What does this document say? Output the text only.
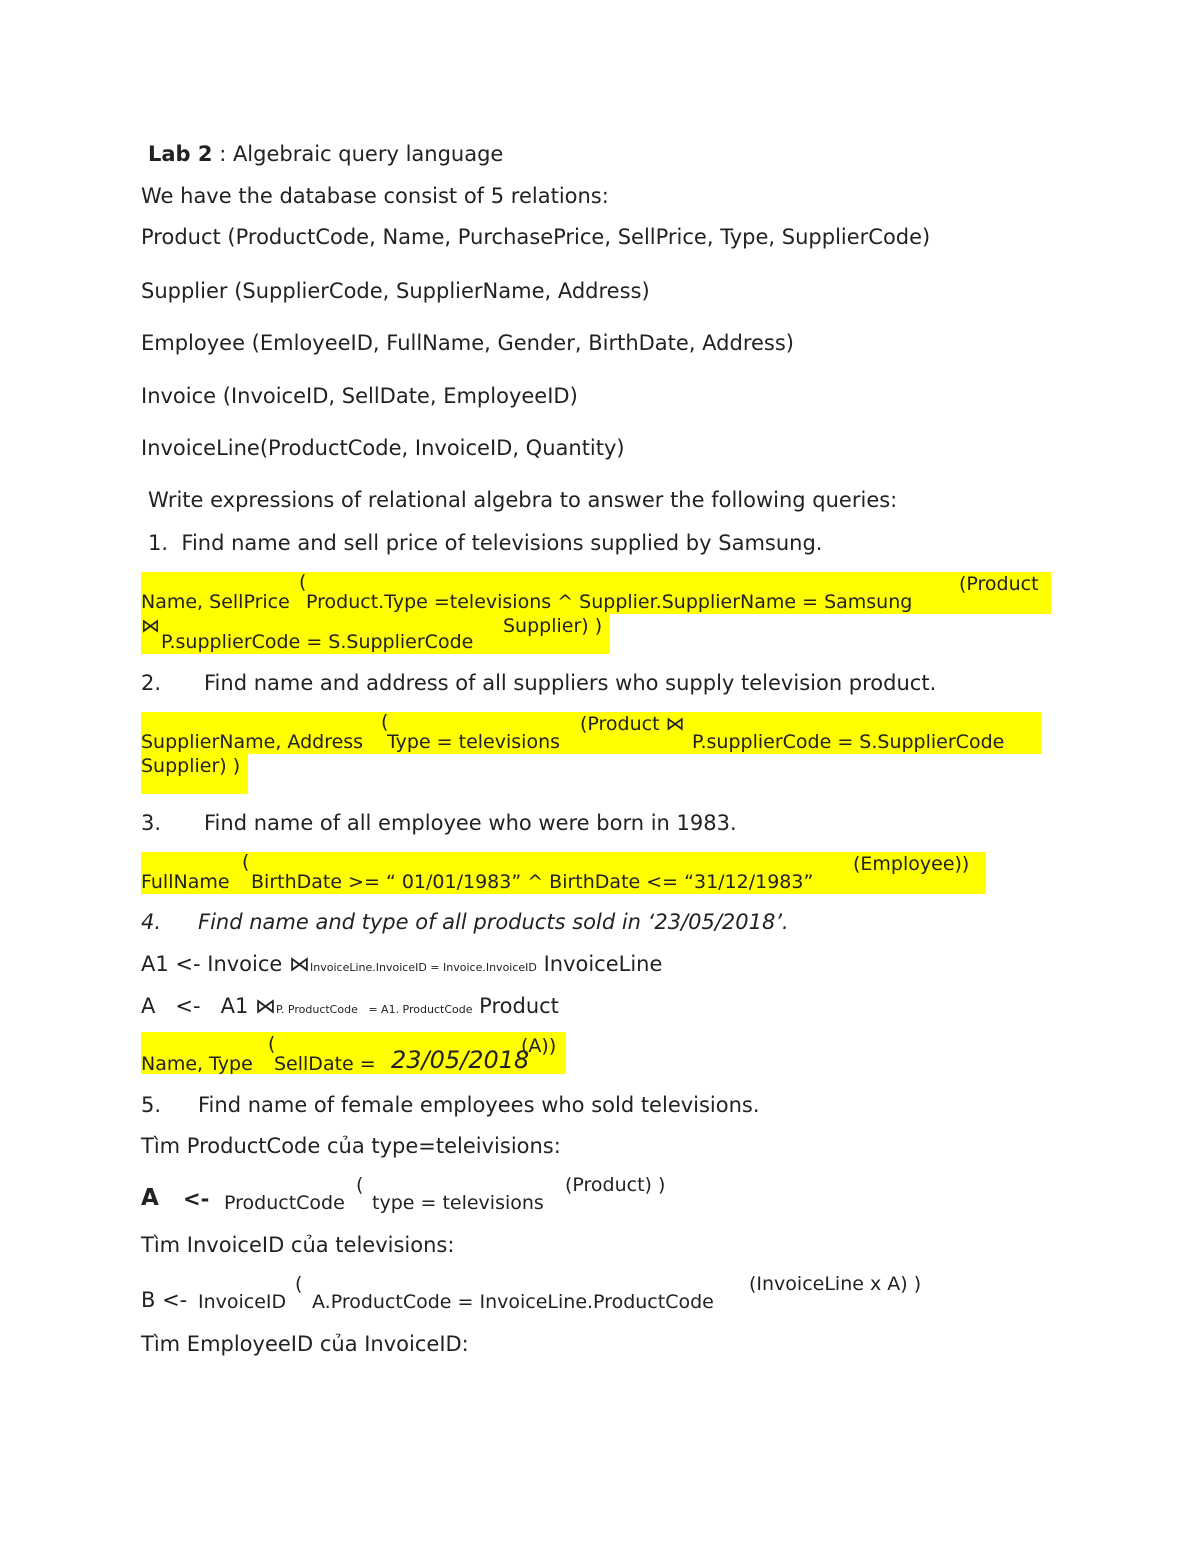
Lab 2 : Algebraic query language
We have the database consist of 5 relations:
Product (ProductCode, Name, PurchasePrice, SellPrice, Type, SupplierCode)
Supplier (SupplierCode, SupplierName, Address)
Employee (EmloyeeID, FullName, Gender, BirthDate, Address)
Invoice (InvoiceID, SellDate, EmployeeID)
InvoiceLine(ProductCode, InvoiceID, Quantity)
Write expressions of relational algebra to answer the following queries:
1. Find name and sell price of televisions supplied by Samsung.
(
Name, SellPrice Product.Type =televisions ^ Supplier.SupplierName = Samsung
(Product
⋈	Supplier) )
P.supplierCode = S.SupplierCode
2. Find name and address of all suppliers who supply television product.
(
SupplierName, Address Type = televisions
(Product ⋈
P.supplierCode = S.SupplierCode
Supplier) )
3. Find name of all employee who were born in 1983.
(
FullName BirthDate >= “ 01/01/1983” ^ BirthDate <= “31/12/1983”
(Employee))
4. Find name and type of all products sold in ‘23/05/2018’.
A1 <- Invoice ⋈InvoiceLine.InvoiceID = Invoice.InvoiceID InvoiceLine
A   <-   A1 ⋈P. ProductCode   = A1. ProductCode Product
(
Name, Type SellDate = 23/05/2018
(A))
5. Find name of female employees who sold televisions.
Tìm ProductCode của type=teleivisions:
A <- ProductCode
(
type = televisions
(Product) )
Tìm InvoiceID của televisions:
B <- InvoiceID
(
A.ProductCode = InvoiceLine.ProductCode
(InvoiceLine x A) )
Tìm EmployeeID của InvoiceID:
